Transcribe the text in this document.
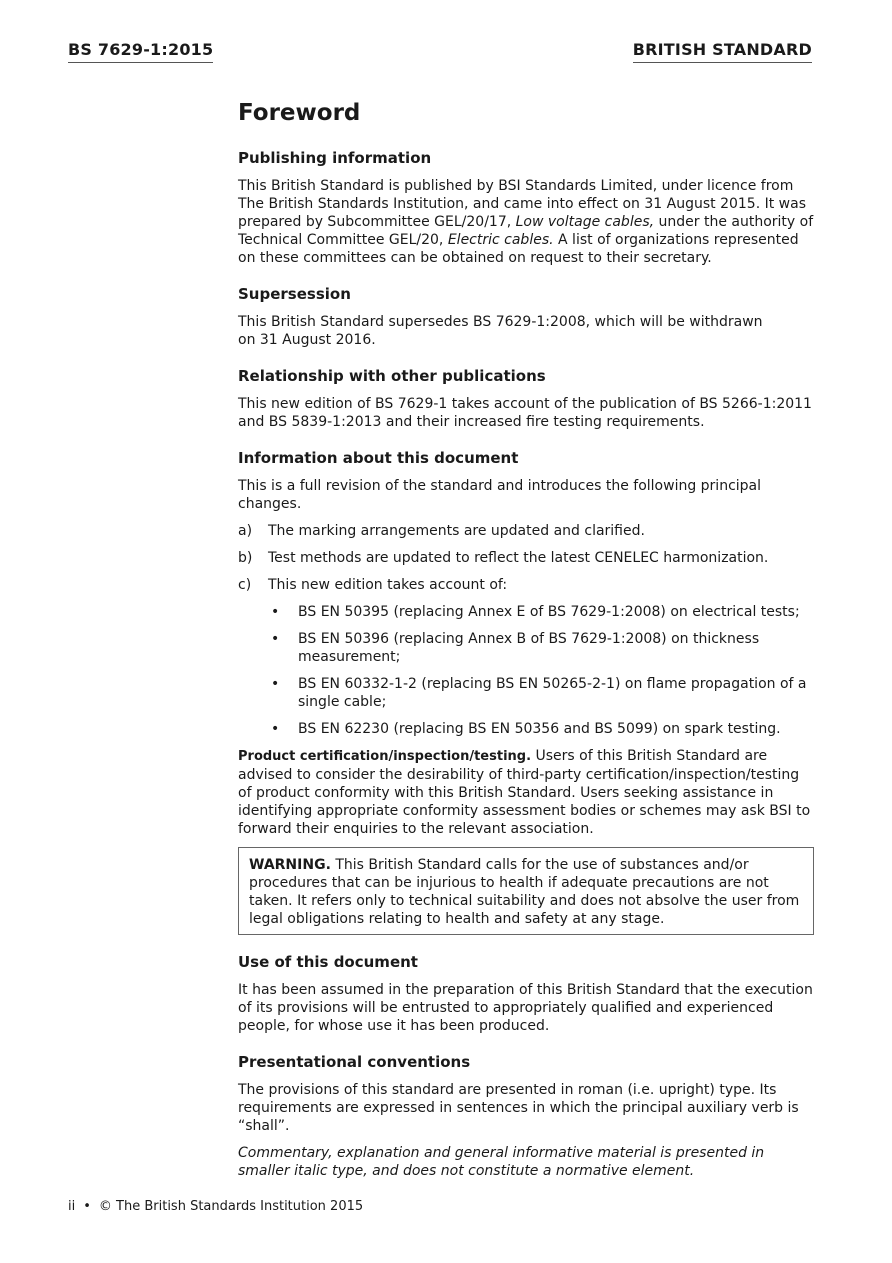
BS 7629-1:2015	BRITISH STANDARD
Foreword
Publishing information

This British Standard is published by BSI Standards Limited, under licence from The British Standards Institution, and came into effect on 31 August 2015. It was prepared by Subcommittee GEL/20/17, Low voltage cables, under the authority of Technical Committee GEL/20, Electric cables. A list of organizations represented on these committees can be obtained on request to their secretary.

Supersession

This British Standard supersedes BS 7629-1:2008, which will be withdrawn on 31 August 2016.

Relationship with other publications

This new edition of BS 7629-1 takes account of the publication of BS 5266-1:2011 and BS 5839-1:2013 and their increased fire testing requirements.

Information about this document

This is a full revision of the standard and introduces the following principal changes.

a)	The marking arrangements are updated and clarified.
b)	Test methods are updated to reflect the latest CENELEC harmonization.
c)	This new edition takes account of:
•	BS EN 50395 (replacing Annex E of BS 7629-1:2008) on electrical tests;
•	BS EN 50396 (replacing Annex B of BS 7629-1:2008) on thickness measurement;
•	BS EN 60332-1-2 (replacing BS EN 50265-2-1) on flame propagation of a single cable;
•	BS EN 62230 (replacing BS EN 50356 and BS 5099) on spark testing.

Product certification/inspection/testing. Users of this British Standard are advised to consider the desirability of third-party certification/inspection/testing of product conformity with this British Standard. Users seeking assistance in identifying appropriate conformity assessment bodies or schemes may ask BSI to forward their enquiries to the relevant association.

WARNING. This British Standard calls for the use of substances and/or procedures that can be injurious to health if adequate precautions are not taken. It refers only to technical suitability and does not absolve the user from legal obligations relating to health and safety at any stage.
Use of this document

It has been assumed in the preparation of this British Standard that the execution of its provisions will be entrusted to appropriately qualified and experienced people, for whose use it has been produced.

Presentational conventions

The provisions of this standard are presented in roman (i.e. upright) type. Its requirements are expressed in sentences in which the principal auxiliary verb is “shall”.

Commentary, explanation and general informative material is presented in smaller italic type, and does not constitute a normative element.

ii • © The British Standards Institution 2015
